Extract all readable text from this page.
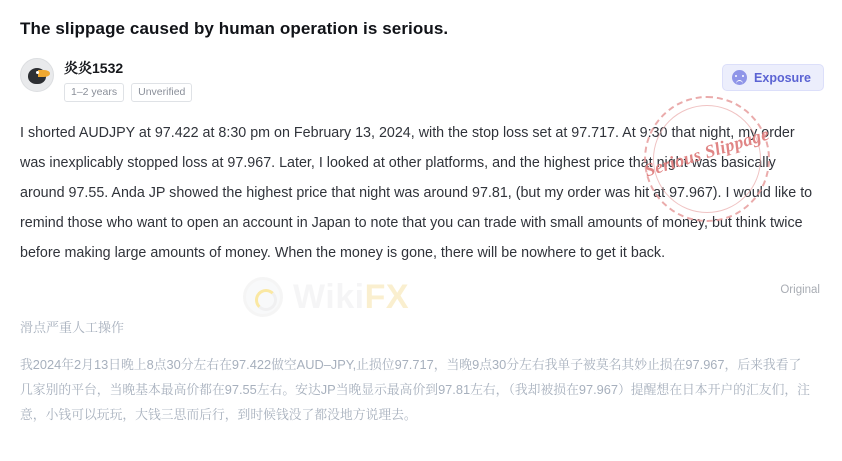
The slippage caused by human operation is serious.
炎炎1532
1–2 years	Unverified
Exposure
I shorted AUDJPY at 97.422 at 8:30 pm on February 13, 2024, with the stop loss set at 97.717. At 9:30 that night, my order was inexplicably stopped loss at 97.967. Later, I looked at other platforms, and the highest price that night was basically around 97.55. Anda JP showed the highest price that night was around 97.81, (but my order was hit at 97.967). I would like to remind those who want to open an account in Japan to note that you can trade with small amounts of money, but think twice before making large amounts of money. When the money is gone, there will be nowhere to get it back.
Original
滑点严重人工操作
我2024年2月13日晚上8点30分左右在97.422做空AUD–JPY,止损位97.717，当晚9点30分左右我单子被莫名其妙止损在97.967，后来我看了几家别的平台，当晚基本最高价都在97.55左右。安达JP当晚显示最高价到97.81左右，（我却被损在97.967）提醒想在日本开户的汇友们，注意，小钱可以玩玩，大钱三思而后行，到时候钱没了都没地方说理去。
WikiFX
Serious Slippage
